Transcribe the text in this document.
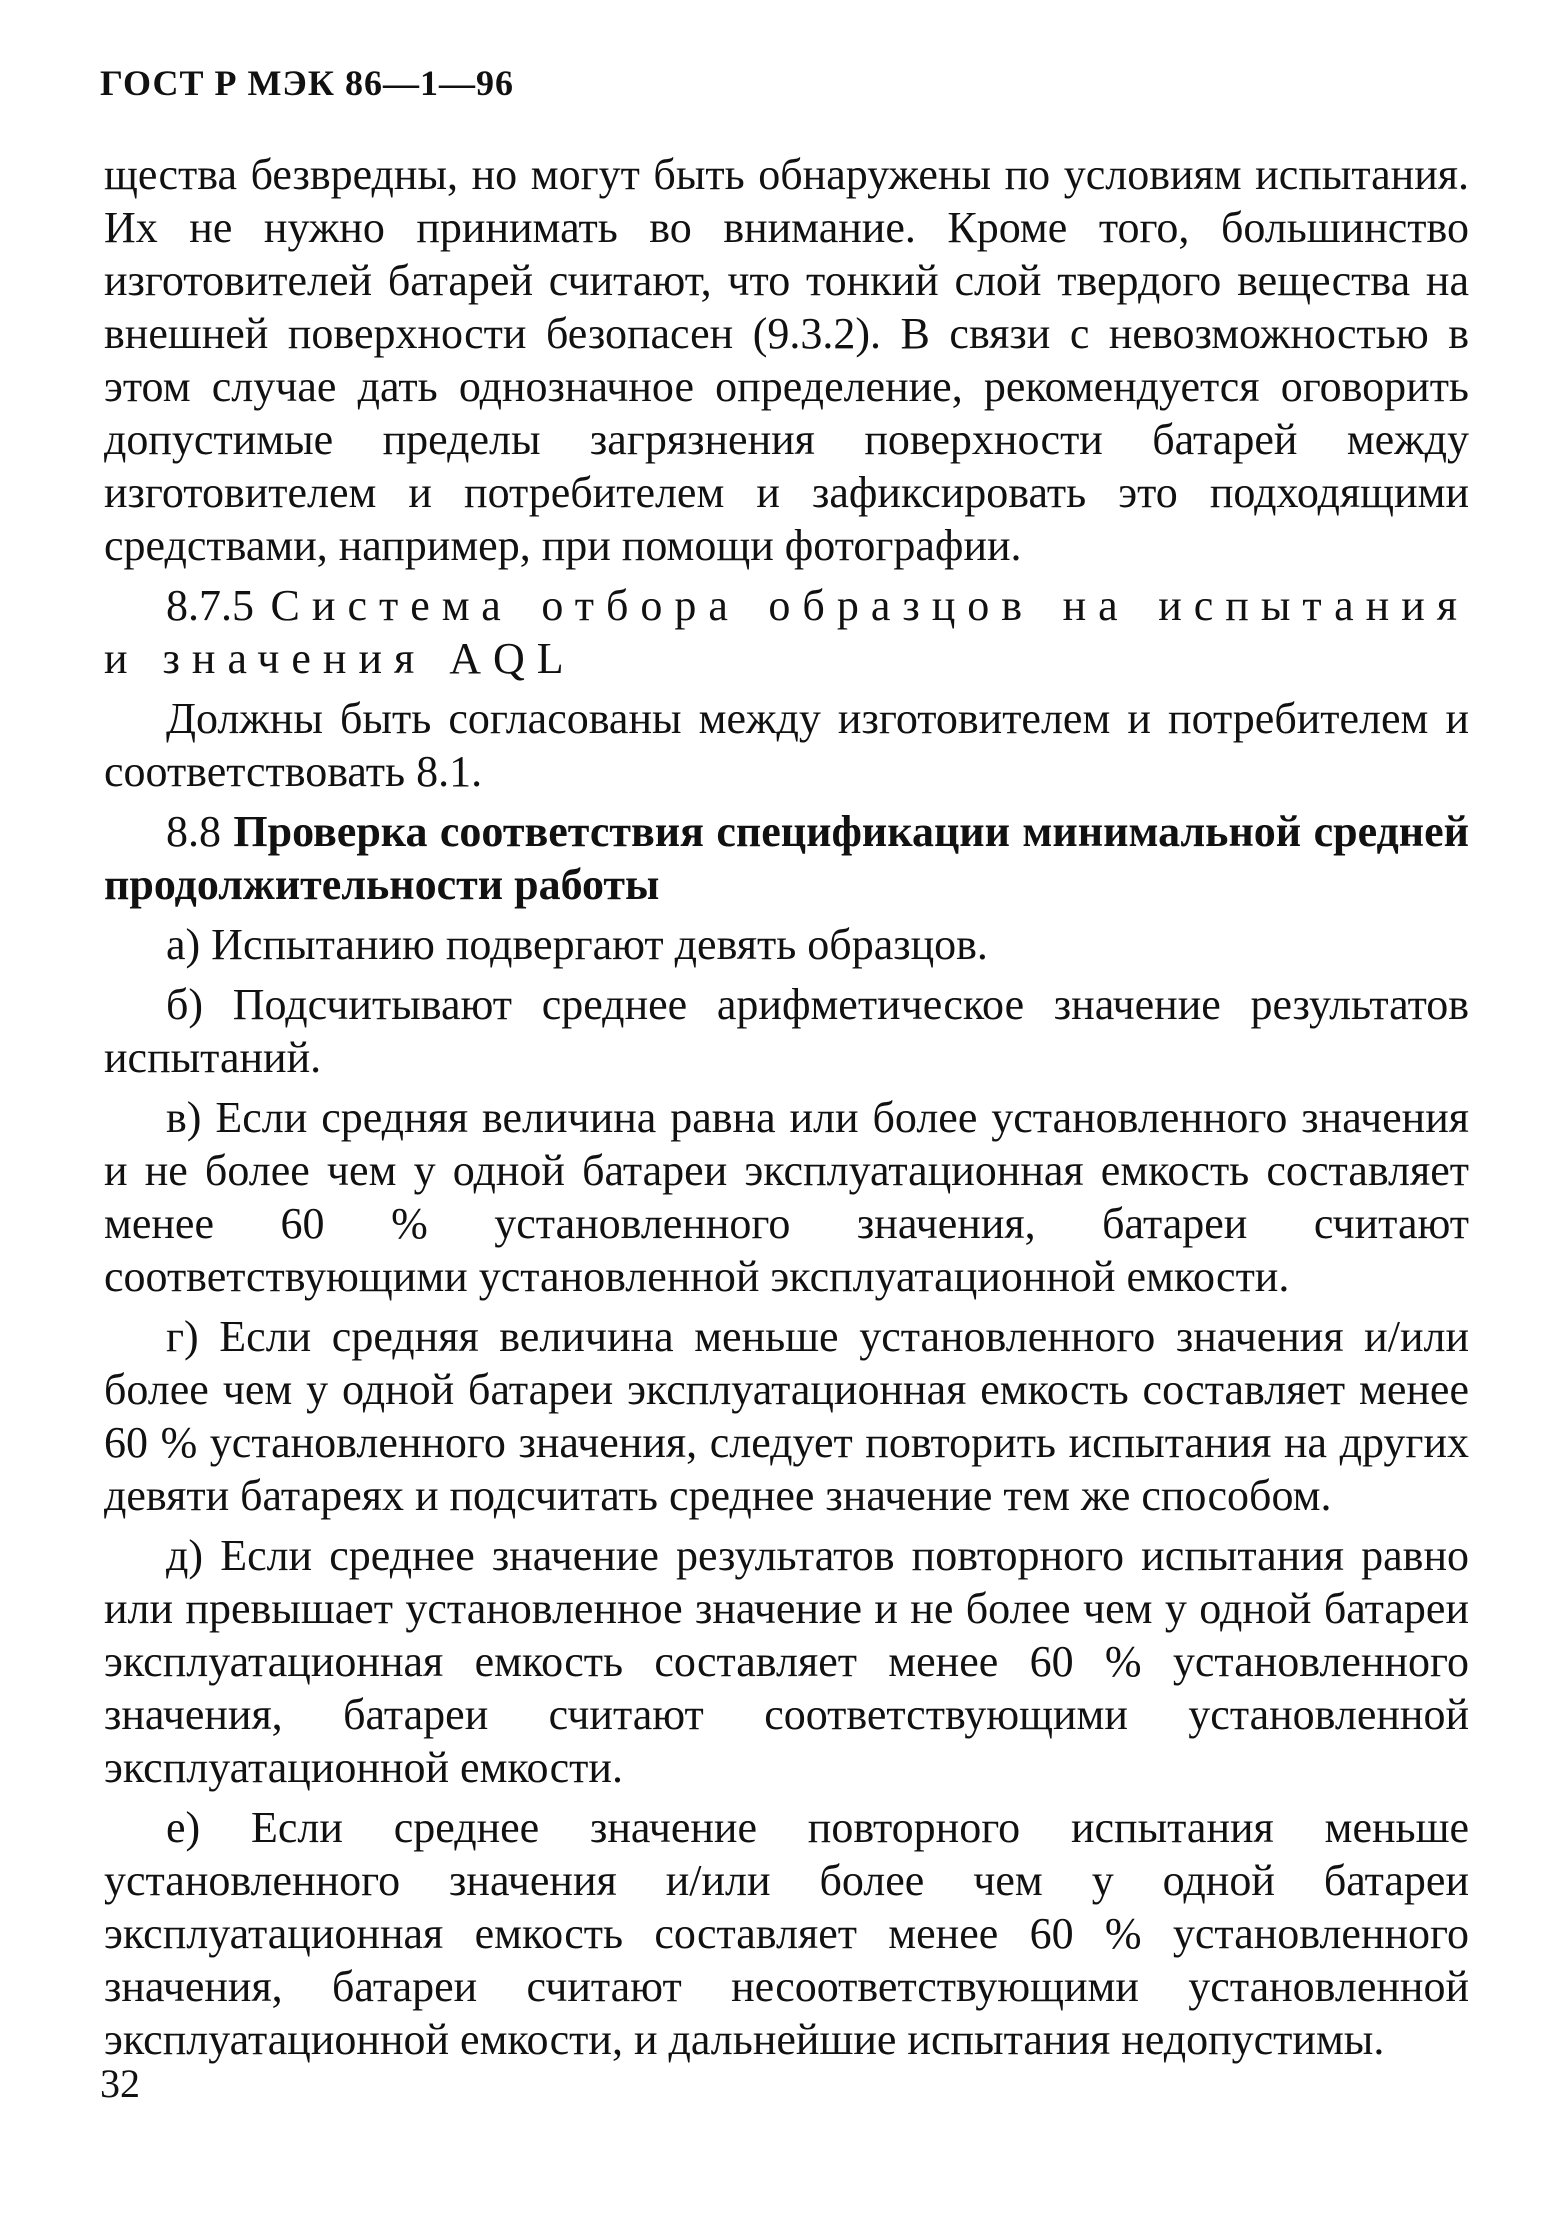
ГОСТ Р МЭК 86—1—96

щества безвредны, но могут быть обнаружены по условиям испытания. Их не нужно принимать во внимание. Кроме того, большинство изготовителей батарей считают, что тонкий слой твердого вещества на внешней поверхности безопасен (9.3.2). В связи с невозможностью в этом случае дать однозначное определение, рекомендуется оговорить допустимые пределы загрязнения поверхности батарей между изготовителем и потребителем и зафиксировать это подходящими средствами, например, при помощи фотографии.

8.7.5 Система отбора образцов на испытания и значения AQL

Должны быть согласованы между изготовителем и потребителем и соответствовать 8.1.

8.8 Проверка соответствия спецификации минимальной средней продолжительности работы

а) Испытанию подвергают девять образцов.

б) Подсчитывают среднее арифметическое значение результатов испытаний.

в) Если средняя величина равна или более установленного значения и не более чем у одной батареи эксплуатационная емкость составляет менее 60 % установленного значения, батареи считают соответствующими установленной эксплуатационной емкости.

г) Если средняя величина меньше установленного значения и/или более чем у одной батареи эксплуатационная емкость составляет менее 60 % установленного значения, следует повторить испытания на других девяти батареях и подсчитать среднее значение тем же способом.

д) Если среднее значение результатов повторного испытания равно или превышает установленное значение и не более чем у одной батареи эксплуатационная емкость составляет менее 60 % установленного значения, батареи считают соответствующими установленной эксплуатационной емкости.

е) Если среднее значение повторного испытания меньше установленного значения и/или более чем у одной батареи эксплуатационная емкость составляет менее 60 % установленного значения, батареи считают несоответствующими установленной эксплуатационной емкости, и дальнейшие испытания недопустимы.

32
